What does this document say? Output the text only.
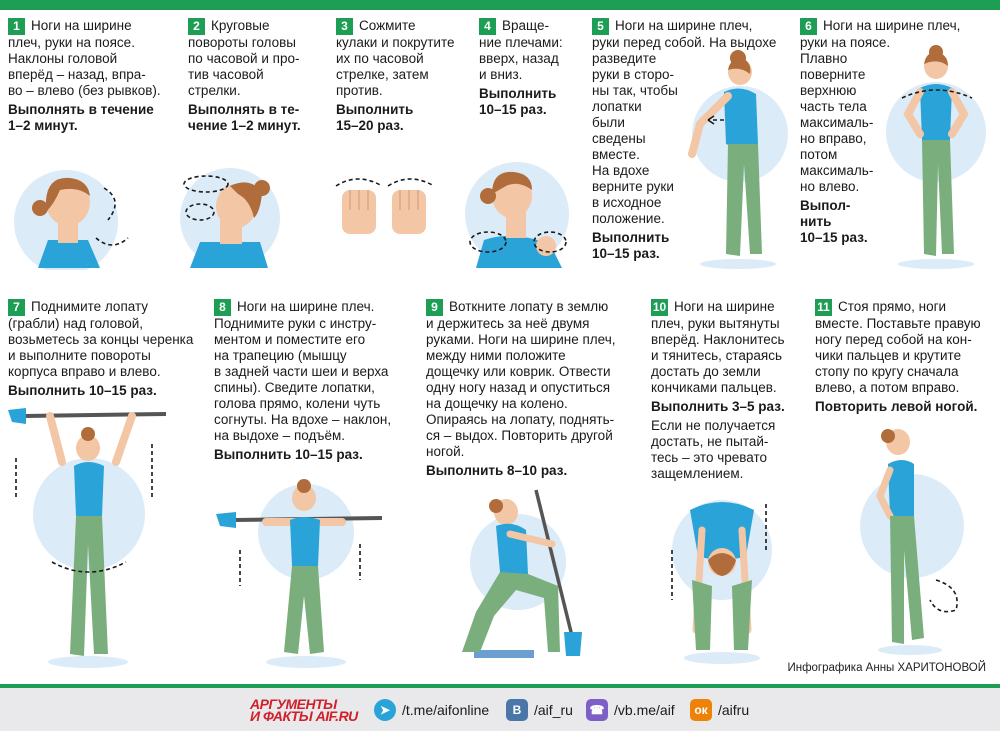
1 Ноги на ширине
плеч, руки на поясе.
Наклоны головой
вперёд – назад, впра-
во – влево (без рывков).
Выполнять в течение
1–2 минут.
2 Круговые
повороты головы
по часовой и про-
тив часовой
стрелки.
Выполнять в те-
чение 1–2 минут.
3 Сожмите
кулаки и покрутите
их по часовой
стрелке, затем
против.
Выполнить
15–20 раз.
4 Враще-
ние плечами:
вверх, назад
и вниз.
Выполнить
10–15 раз.
5 Ноги на ширине плеч,
руки перед собой. На выдохе
разведите
руки в сторо-
ны так, чтобы
лопатки
были
сведены
вместе.
На вдохе
верните руки
в исходное
положение.
Выполнить
10–15 раз.
6 Ноги на ширине плеч,
руки на поясе.
Плавно
поверните
верхнюю
часть тела
максималь-
но вправо,
потом
максималь-
но влево.
Выпол-
нить
10–15 раз.
7 Поднимите лопату
(грабли) над головой,
возьметесь за концы черенка
и выполните повороты
корпуса вправо и влево.
Выполнить 10–15 раз.
8 Ноги на ширине плеч.
Поднимите руки с инстру-
ментом и поместите его
на трапецию (мышцу
в задней части шеи и верха
спины). Сведите лопатки,
голова прямо, колени чуть
согнуты. На вдохе – наклон,
на выдохе – подъём.
Выполнить 10–15 раз.
9 Воткните лопату в землю
и держитесь за неё двумя
руками. Ноги на ширине плеч,
между ними положите
дощечку или коврик. Отвести
одну ногу назад и опуститься
на дощечку на колено.
Опираясь на лопату, поднять-
ся – выдох. Повторить другой
ногой.
Выполнить 8–10 раз.
10 Ноги на ширине
плеч, руки вытянуты
вперёд. Наклонитесь
и тянитесь, стараясь
достать до земли
кончиками пальцев.
Выполнить 3–5 раз.
Если не получается
достать, не пытай-
тесь – это чревато
защемлением.
11 Стоя прямо, ноги
вместе. Поставьте правую
ногу перед собой на кон-
чики пальцев и крутите
стопу по кругу сначала
влево, а потом вправо.
Повторить левой ногой.
Инфографика Анны ХАРИТОНОВОЙ
АРГУМЕНТЫ
И ФАКТЫ AIF.RU	➤ /t.me/aifonline	B /aif_ru ☎ /vb.me/aif	ок /aifru
